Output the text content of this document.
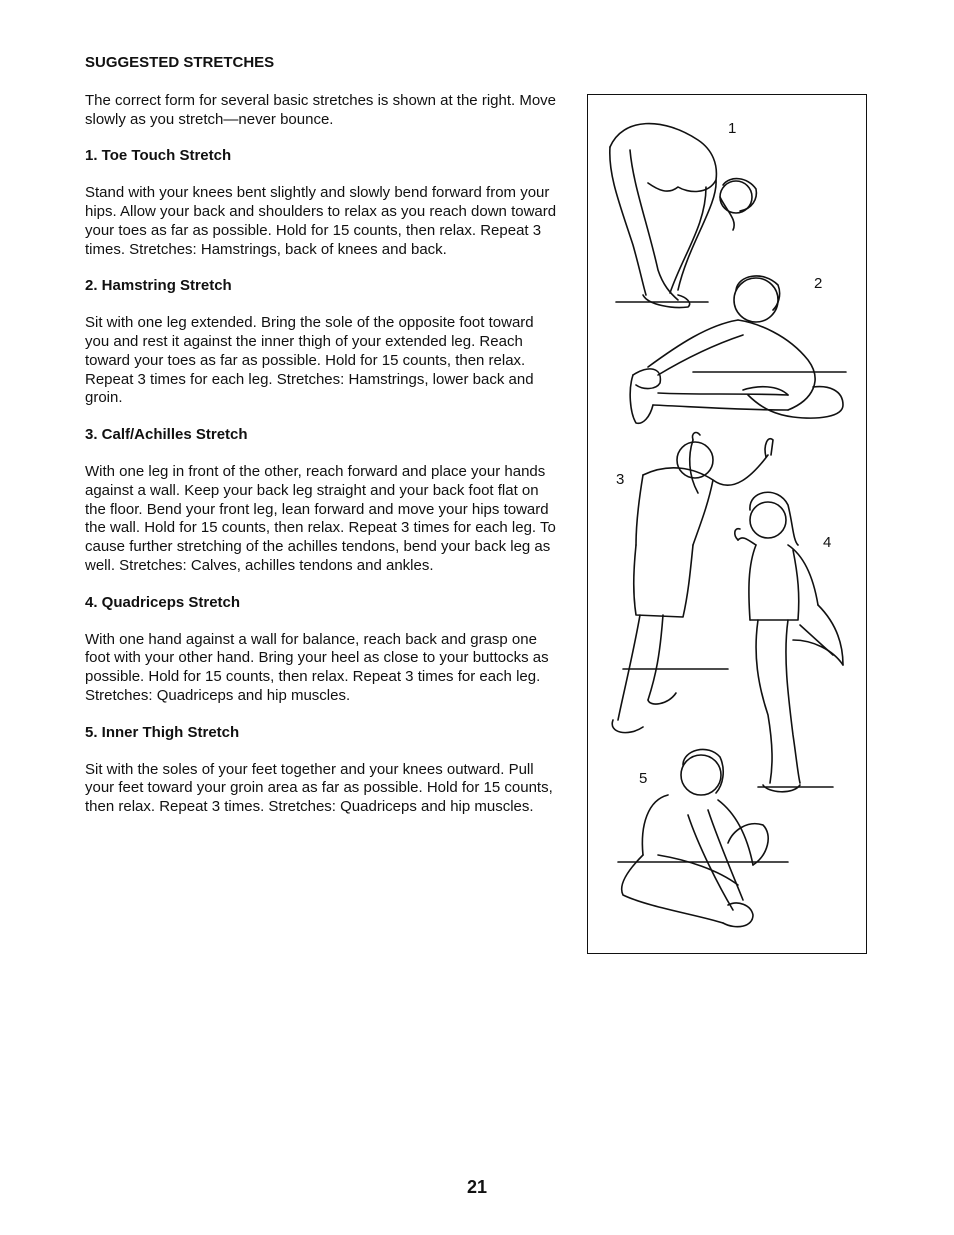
SUGGESTED STRETCHES

The correct form for several basic stretches is shown at the right. Move slowly as you stretch—never bounce.

1. Toe Touch Stretch

Stand with your knees bent slightly and slowly bend forward from your hips. Allow your back and shoulders to relax as you reach down toward your toes as far as possible. Hold for 15 counts, then relax. Repeat 3 times. Stretches: Hamstrings, back of knees and back.

2. Hamstring Stretch

Sit with one leg extended. Bring the sole of the opposite foot toward you and rest it against the inner thigh of your extended leg. Reach toward your toes as far as possible. Hold for 15 counts, then relax. Repeat 3 times for each leg. Stretches: Hamstrings, lower back and groin.

3. Calf/Achilles Stretch

With one leg in front of the other, reach forward and place your hands against a wall. Keep your back leg straight and your back foot flat on the floor. Bend your front leg, lean forward and move your hips toward the wall. Hold for 15 counts, then relax. Repeat 3 times for each leg. To cause further stretching of the achilles tendons, bend your back leg as well. Stretches: Calves, achilles tendons and ankles.

4. Quadriceps Stretch

With one hand against a wall for balance, reach back and grasp one foot with your other hand. Bring your heel as close to your buttocks as possible. Hold for 15 counts, then relax. Repeat 3 times for each leg. Stretches: Quadriceps and hip muscles.

5. Inner Thigh Stretch

Sit with the soles of your feet together and your knees outward. Pull your feet toward your groin area as far as possible. Hold for 15 counts, then relax. Repeat 3 times. Stretches: Quadriceps and hip muscles.

1
2
3
4
5
21
